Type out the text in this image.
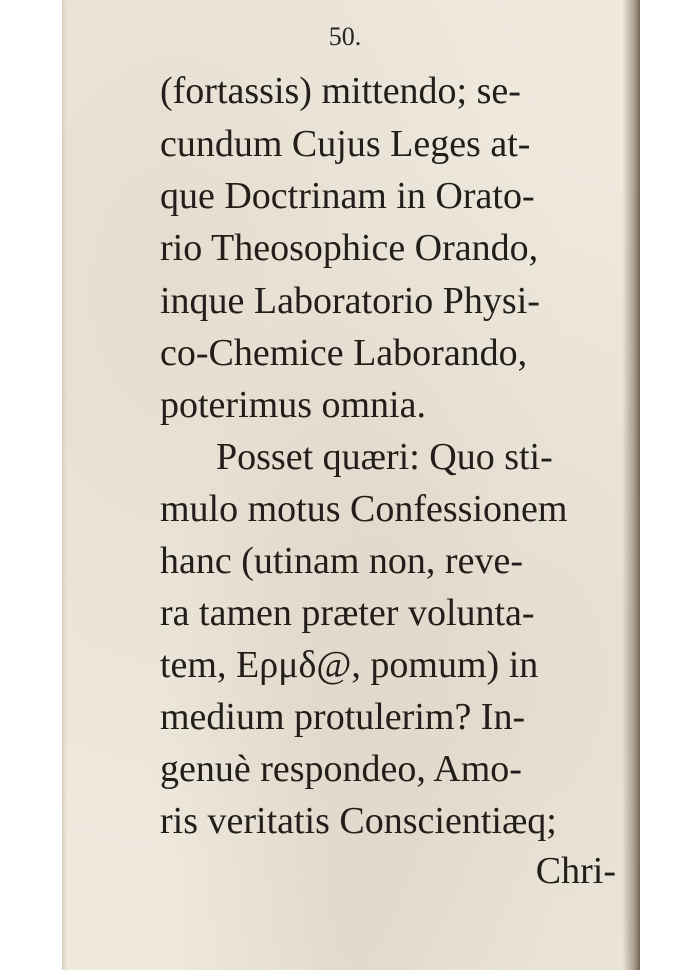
50.
(fortassis) mittendo; se-
cundum Cujus Leges at-
que Doctrinam in Orato-
rio Theosophice Orando,
inque Laboratorio Physi-
co-Chemice Laborando,
poterimus omnia.
Posset quæri: Quo sti-
mulo motus Confessionem
hanc (utinam non, reve-
ra tamen præter volunta-
tem, Ερμδ@, pomum) in
medium protulerim? In-
genuè respondeo, Amo-
ris veritatis Conscientiæq;
Chri-
